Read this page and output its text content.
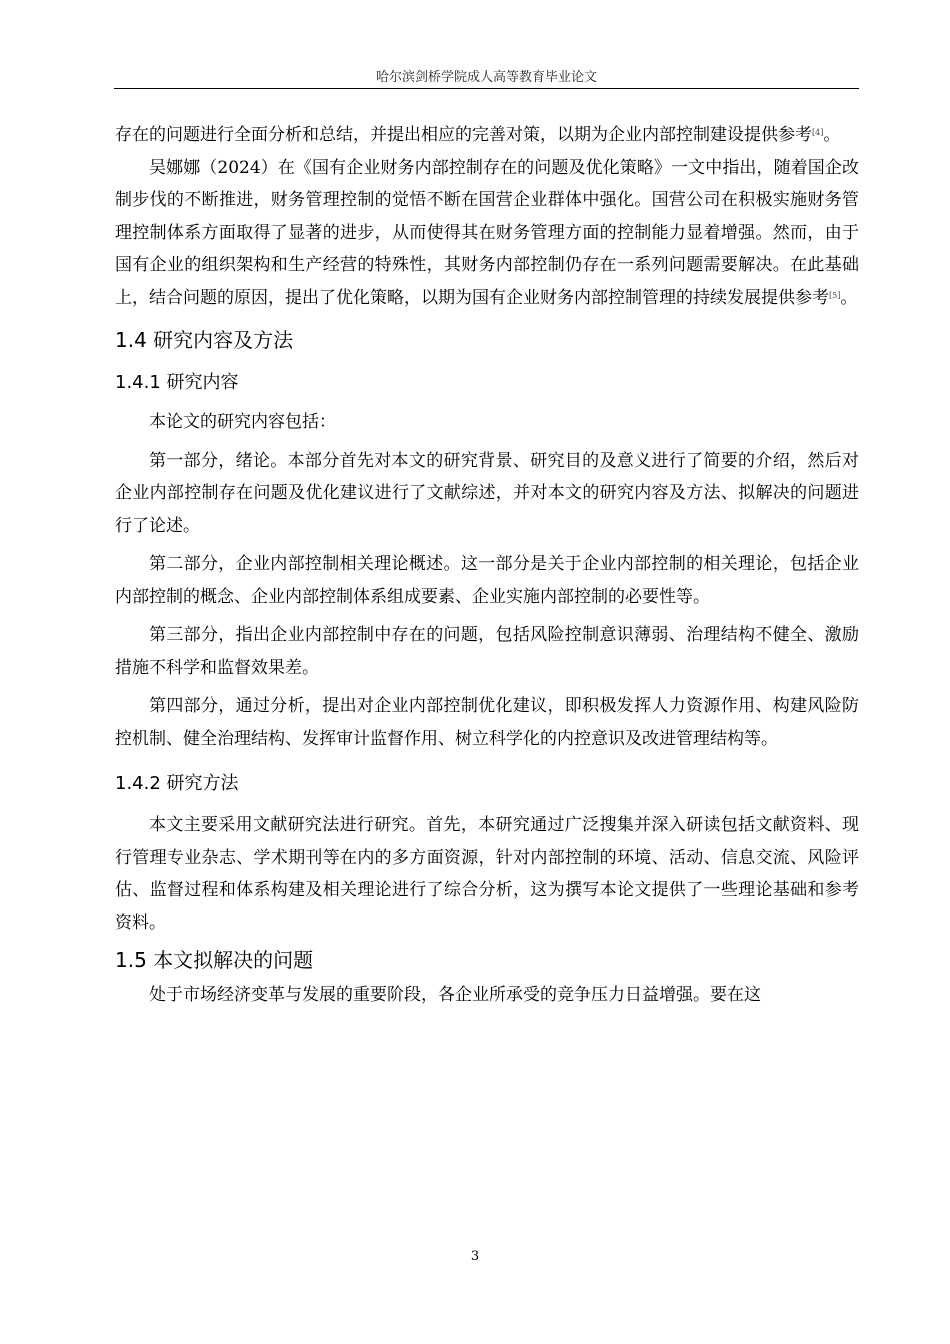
哈尔滨剑桥学院成人高等教育毕业论文

存在的问题进行全面分析和总结，并提出相应的完善对策，以期为企业内部控制建设提供参考[4]。

吴娜娜（2024）在《国有企业财务内部控制存在的问题及优化策略》一文中指出，随着国企改制步伐的不断推进，财务管理控制的觉悟不断在国营企业群体中强化。国营公司在积极实施财务管理控制体系方面取得了显著的进步，从而使得其在财务管理方面的控制能力显着增强。然而，由于国有企业的组织架构和生产经营的特殊性，其财务内部控制仍存在一系列问题需要解决。在此基础上，结合问题的原因，提出了优化策略，以期为国有企业财务内部控制管理的持续发展提供参考[5]。

1.4 研究内容及方法
1.4.1 研究内容

本论文的研究内容包括：

第一部分，绪论。本部分首先对本文的研究背景、研究目的及意义进行了简要的介绍，然后对企业内部控制存在问题及优化建议进行了文献综述，并对本文的研究内容及方法、拟解决的问题进行了论述。

第二部分，企业内部控制相关理论概述。这一部分是关于企业内部控制的相关理论，包括企业内部控制的概念、企业内部控制体系组成要素、企业实施内部控制的必要性等。

第三部分，指出企业内部控制中存在的问题，包括风险控制意识薄弱、治理结构不健全、激励措施不科学和监督效果差。

第四部分，通过分析，提出对企业内部控制优化建议，即积极发挥人力资源作用、构建风险防控机制、健全治理结构、发挥审计监督作用、树立科学化的内控意识及改进管理结构等。

1.4.2 研究方法

本文主要采用文献研究法进行研究。首先，本研究通过广泛搜集并深入研读包括文献资料、现行管理专业杂志、学术期刊等在内的多方面资源，针对内部控制的环境、活动、信息交流、风险评估、监督过程和体系构建及相关理论进行了综合分析，这为撰写本论文提供了一些理论基础和参考资料。

1.5 本文拟解决的问题

处于市场经济变革与发展的重要阶段，各企业所承受的竞争压力日益增强。要在这

3
